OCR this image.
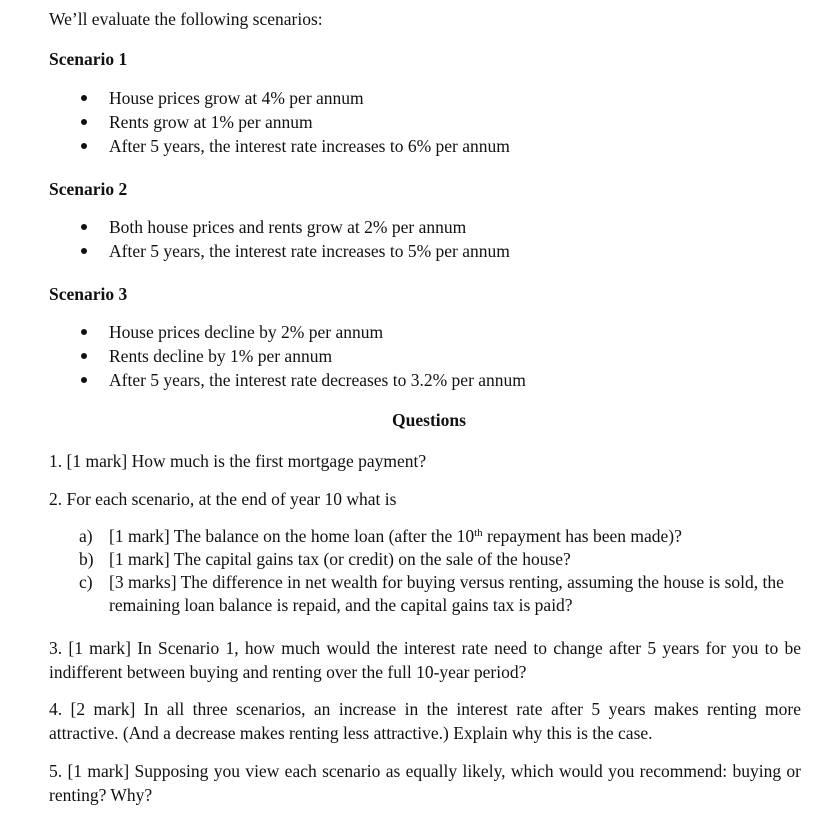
We’ll evaluate the following scenarios:

Scenario 1

House prices grow at 4% per annum
Rents grow at 1% per annum
After 5 years, the interest rate increases to 6% per annum

Scenario 2

Both house prices and rents grow at 2% per annum
After 5 years, the interest rate increases to 5% per annum

Scenario 3

House prices decline by 2% per annum
Rents decline by 1% per annum
After 5 years, the interest rate decreases to 3.2% per annum

Questions

1. [1 mark] How much is the first mortgage payment?

2. For each scenario, at the end of year 10 what is

a) [1 mark] The balance on the home loan (after the 10th repayment has been made)?
b) [1 mark] The capital gains tax (or credit) on the sale of the house?
c) [3 marks] The difference in net wealth for buying versus renting, assuming the house is sold, the remaining loan balance is repaid, and the capital gains tax is paid?

3. [1 mark] In Scenario 1, how much would the interest rate need to change after 5 years for you to be indifferent between buying and renting over the full 10-year period?

4. [2 mark] In all three scenarios, an increase in the interest rate after 5 years makes renting more attractive. (And a decrease makes renting less attractive.) Explain why this is the case.

5. [1 mark] Supposing you view each scenario as equally likely, which would you recommend: buying or renting? Why?
